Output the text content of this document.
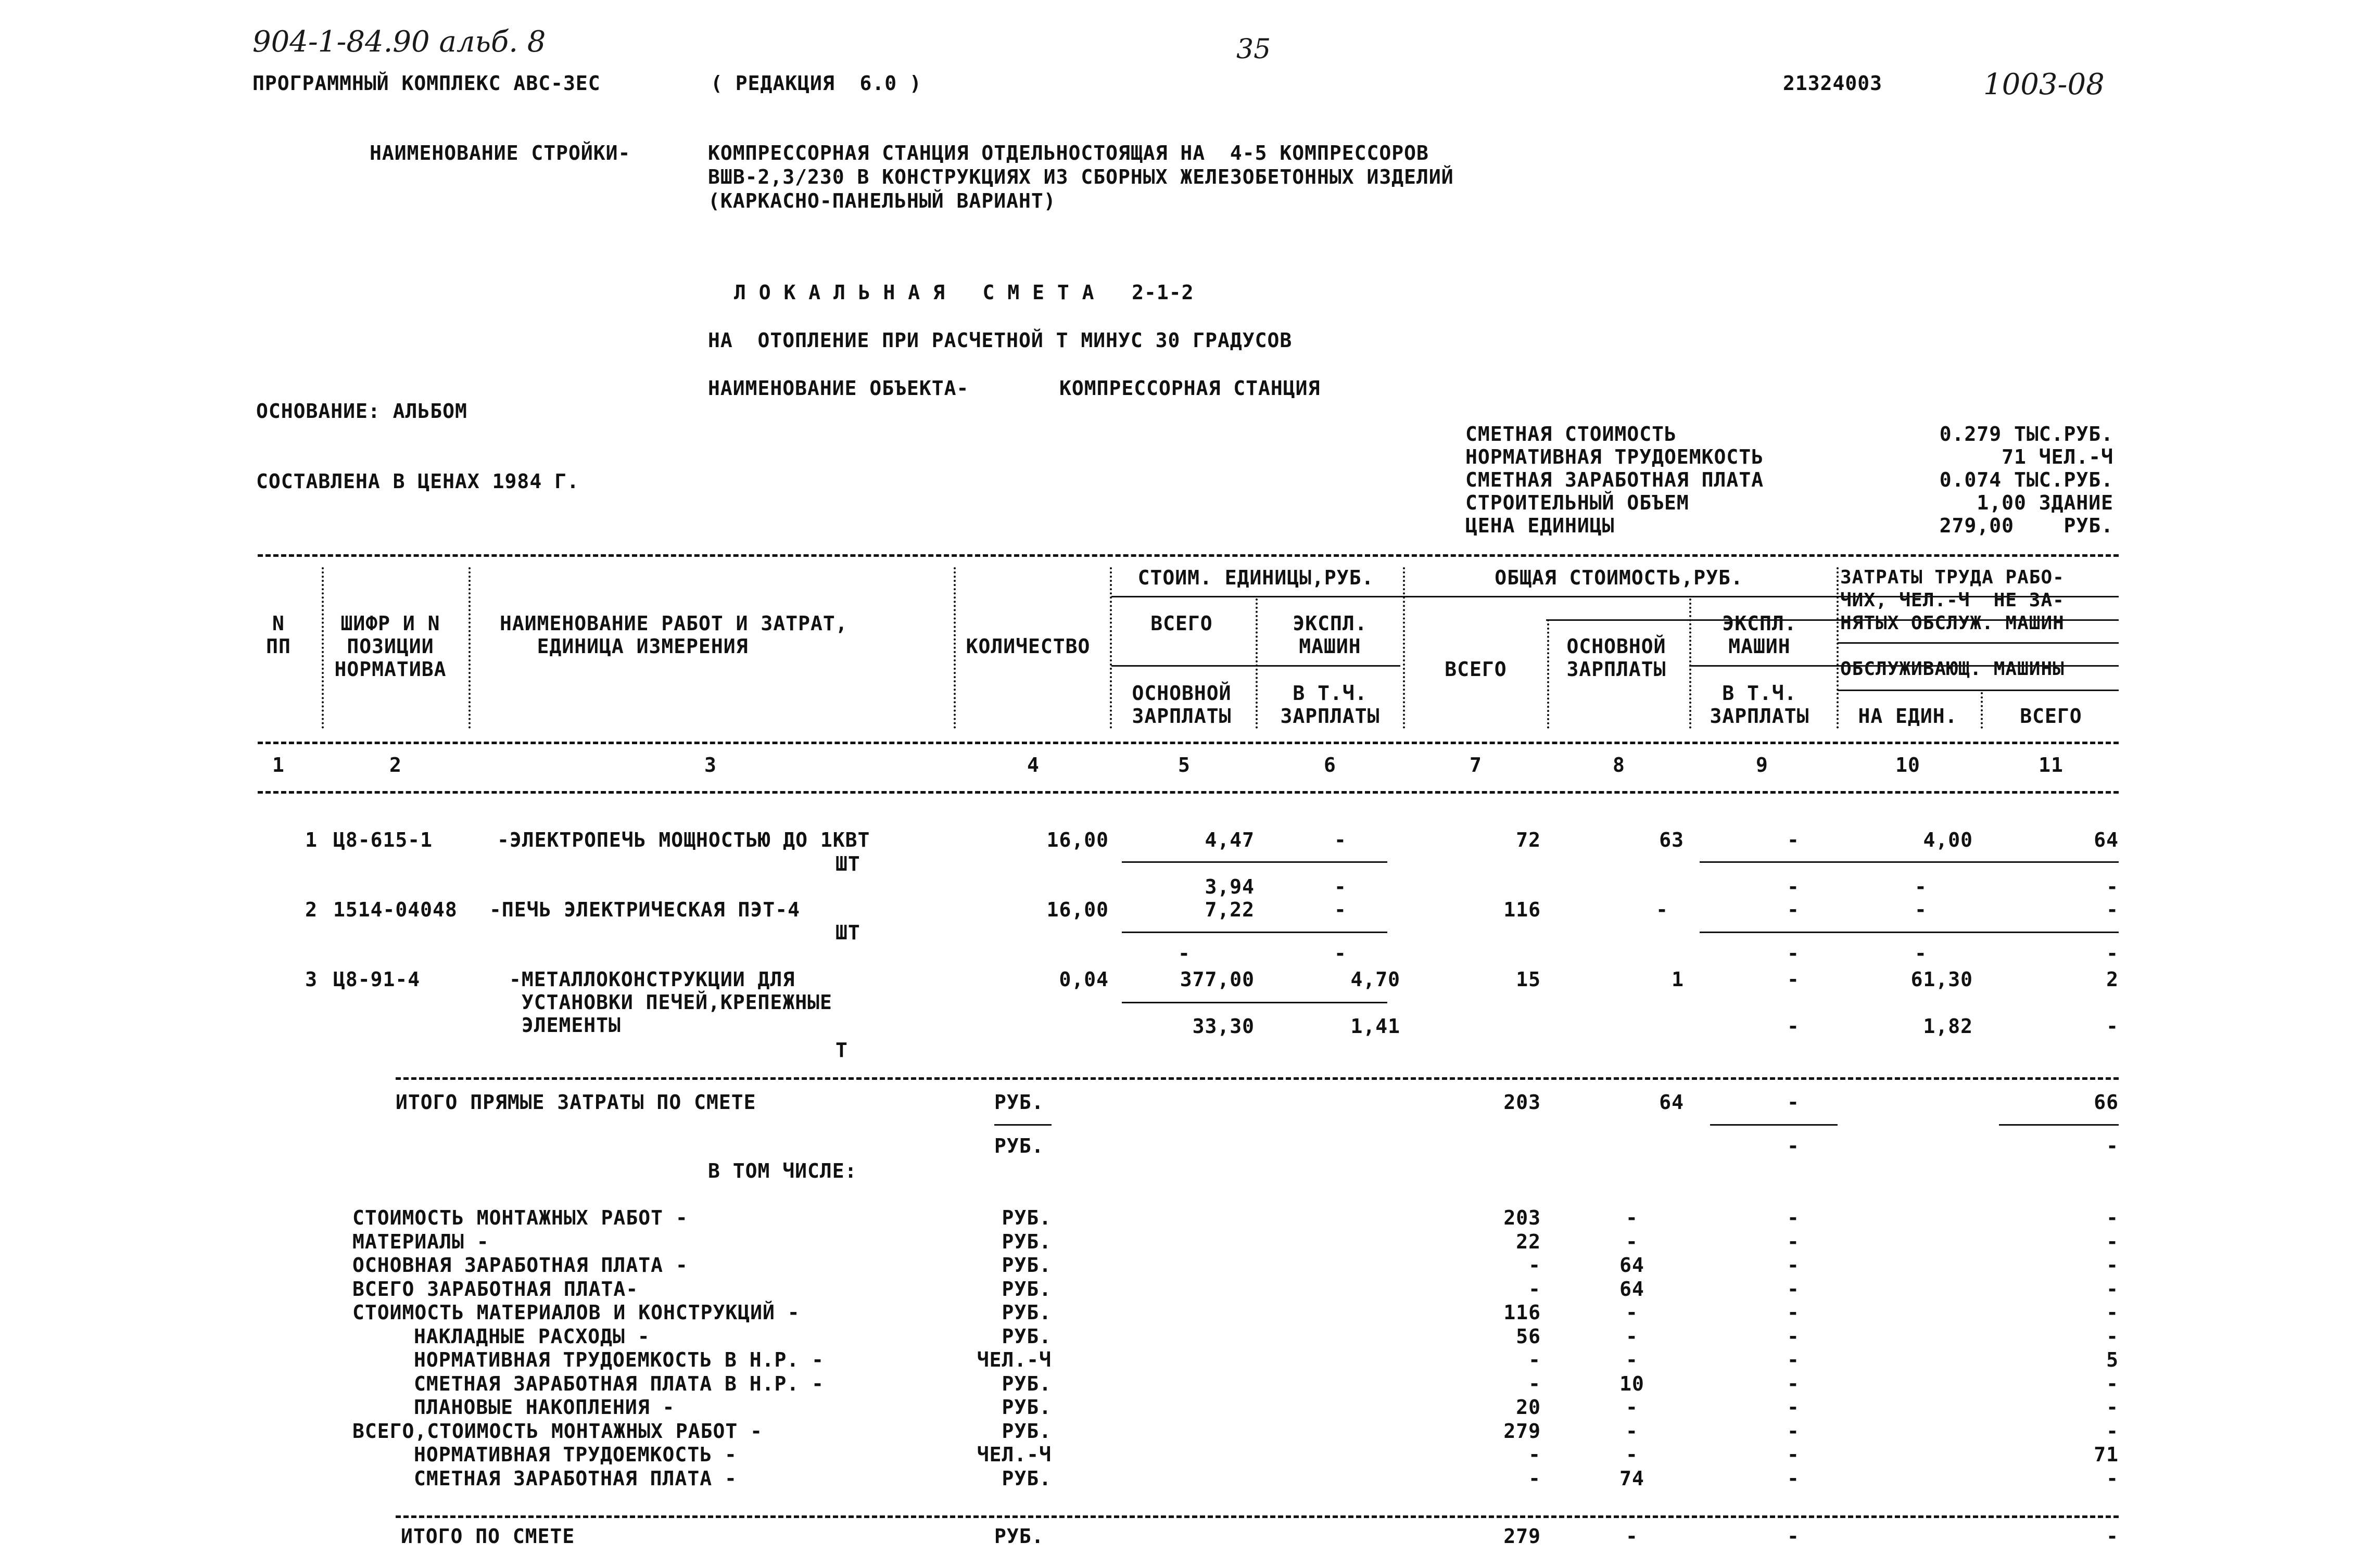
904-1-84.90 альб. 8	35
1003-08
ПРОГРАММНЫЙ КОМПЛЕКС АВС-3ЕС	( РЕДАКЦИЯ  6.0 )	21324003
НАИМЕНОВАНИЕ СТРОЙКИ-	КОМПРЕССОРНАЯ СТАНЦИЯ ОТДЕЛЬНОСТОЯЩАЯ НА  4-5 КОМПРЕССОРОВ
ВШВ-2,3/230 В КОНСТРУКЦИЯХ ИЗ СБОРНЫХ ЖЕЛЕЗОБЕТОННЫХ ИЗДЕЛИЙ
(КАРКАСНО-ПАНЕЛЬНЫЙ ВАРИАНТ)
Л О К А Л Ь Н А Я   С М Е Т А   2-1-2
НА  ОТОПЛЕНИЕ ПРИ РАСЧЕТНОЙ Т МИНУС 30 ГРАДУСОВ
НАИМЕНОВАНИЕ ОБЪЕКТА-	КОМПРЕССОРНАЯ СТАНЦИЯ
ОСНОВАНИЕ: АЛЬБОМ
СОСТАВЛЕНА В ЦЕНАХ 1984 Г.
СМЕТНАЯ СТОИМОСТЬ	0.279 ТЫС.РУБ.
НОРМАТИВНАЯ ТРУДОЕМКОСТЬ	71 ЧЕЛ.-Ч
СМЕТНАЯ ЗАРАБОТНАЯ ПЛАТА	0.074 ТЫС.РУБ.
СТРОИТЕЛЬНЫЙ ОБЪЕМ	1,00 ЗДАНИЕ
ЦЕНА ЕДИНИЦЫ	279,00    РУБ.
N
ПП
ШИФР И N
ПОЗИЦИИ
НОРМАТИВА
НАИМЕНОВАНИЕ РАБОТ И ЗАТРАТ,
ЕДИНИЦА ИЗМЕРЕНИЯ	КОЛИЧЕСТВО
СТОИМ. ЕДИНИЦЫ,РУБ.
ВСЕГО	ЭКСПЛ.
МАШИН
ОСНОВНОЙ
ЗАРПЛАТЫ
В Т.Ч.
ЗАРПЛАТЫ
ОБЩАЯ СТОИМОСТЬ,РУБ.
ВСЕГО
ОСНОВНОЙ
ЗАРПЛАТЫ
ЭКСПЛ.
МАШИН
В Т.Ч.
ЗАРПЛАТЫ
ЗАТРАТЫ ТРУДА РАБО-
ЧИХ, ЧЕЛ.-Ч  НЕ ЗА-
НЯТЫХ ОБСЛУЖ. МАШИН
ОБСЛУЖИВАЮЩ. МАШИНЫ
НА ЕДИН.	ВСЕГО
1	2	3	4	5	6	7	8	9	10	11
1 Ц8-615-1	-ЭЛЕКТРОПЕЧЬ МОЩНОСТЬЮ ДО 1КВТ
ШТ
16,00	4,47	-	72	63	-	4,00	64
3,94	-	-	-	-
2 1514-04048 -ПЕЧЬ ЭЛЕКТРИЧЕСКАЯ ПЭТ-4
ШТ
16,00	7,22	-	116	-	-	-	-
-	-	-	-	-
3 Ц8-91-4	-МЕТАЛЛОКОНСТРУКЦИИ ДЛЯ
УСТАНОВКИ ПЕЧЕЙ,КРЕПЕЖНЫЕ
ЭЛЕМЕНТЫ
Т
0,04	377,00	4,70	15	1	-	61,30	2
33,30	1,41	-	1,82	-
ИТОГО ПРЯМЫЕ ЗАТРАТЫ ПО СМЕТЕ	РУБ.	203	64	-	66
РУБ.	-	-
В ТОМ ЧИСЛЕ:
СТОИМОСТЬ МОНТАЖНЫХ РАБОТ -	РУБ.	203	-	-	-
МАТЕРИАЛЫ -	РУБ.	22	-	-	-
ОСНОВНАЯ ЗАРАБОТНАЯ ПЛАТА -	РУБ.	-	64	-	-
ВСЕГО ЗАРАБОТНАЯ ПЛАТА-	РУБ.	-	64	-	-
СТОИМОСТЬ МАТЕРИАЛОВ И КОНСТРУКЦИЙ -	РУБ.	116	-	-	-
НАКЛАДНЫЕ РАСХОДЫ -	РУБ.	56	-	-	-
НОРМАТИВНАЯ ТРУДОЕМКОСТЬ В Н.Р. -	ЧЕЛ.-Ч	-	-	-	5
СМЕТНАЯ ЗАРАБОТНАЯ ПЛАТА В Н.Р. -	РУБ.	-	10	-	-
ПЛАНОВЫЕ НАКОПЛЕНИЯ -	РУБ.	20	-	-	-
ВСЕГО,СТОИМОСТЬ МОНТАЖНЫХ РАБОТ -	РУБ.	279	-	-	-
НОРМАТИВНАЯ ТРУДОЕМКОСТЬ -	ЧЕЛ.-Ч	-	-	-	71
СМЕТНАЯ ЗАРАБОТНАЯ ПЛАТА -	РУБ.	-	74	-	-
ИТОГО ПО СМЕТЕ	РУБ.	279	-	-	-
